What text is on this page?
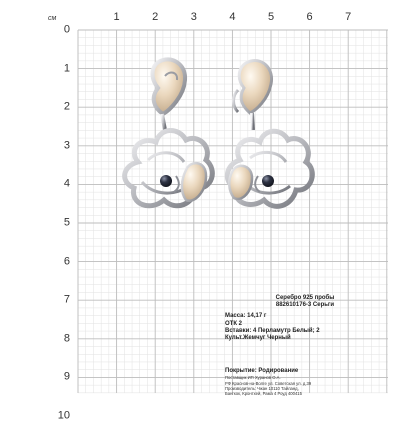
см	1	2	3	4	5	6	7
0
1
2
3
4
5
6
7
8
9
10
Серебро 925 пробы
882610176-3 Серьги
Масса: 14,17 г
ОТК 2
Вставки: 4 Перламутр Белый; 2
Культ.Жемчуг Черный
Покрытие: Родирование
Поставщик ИП Хуранов О.А.
РФ Краснов-на-Волге ул. Советская ул. д.39
Производитель: Чжан 10110 Тайланд,
Бангкок, Кронтхей, Рама 4 Роуд 400415
